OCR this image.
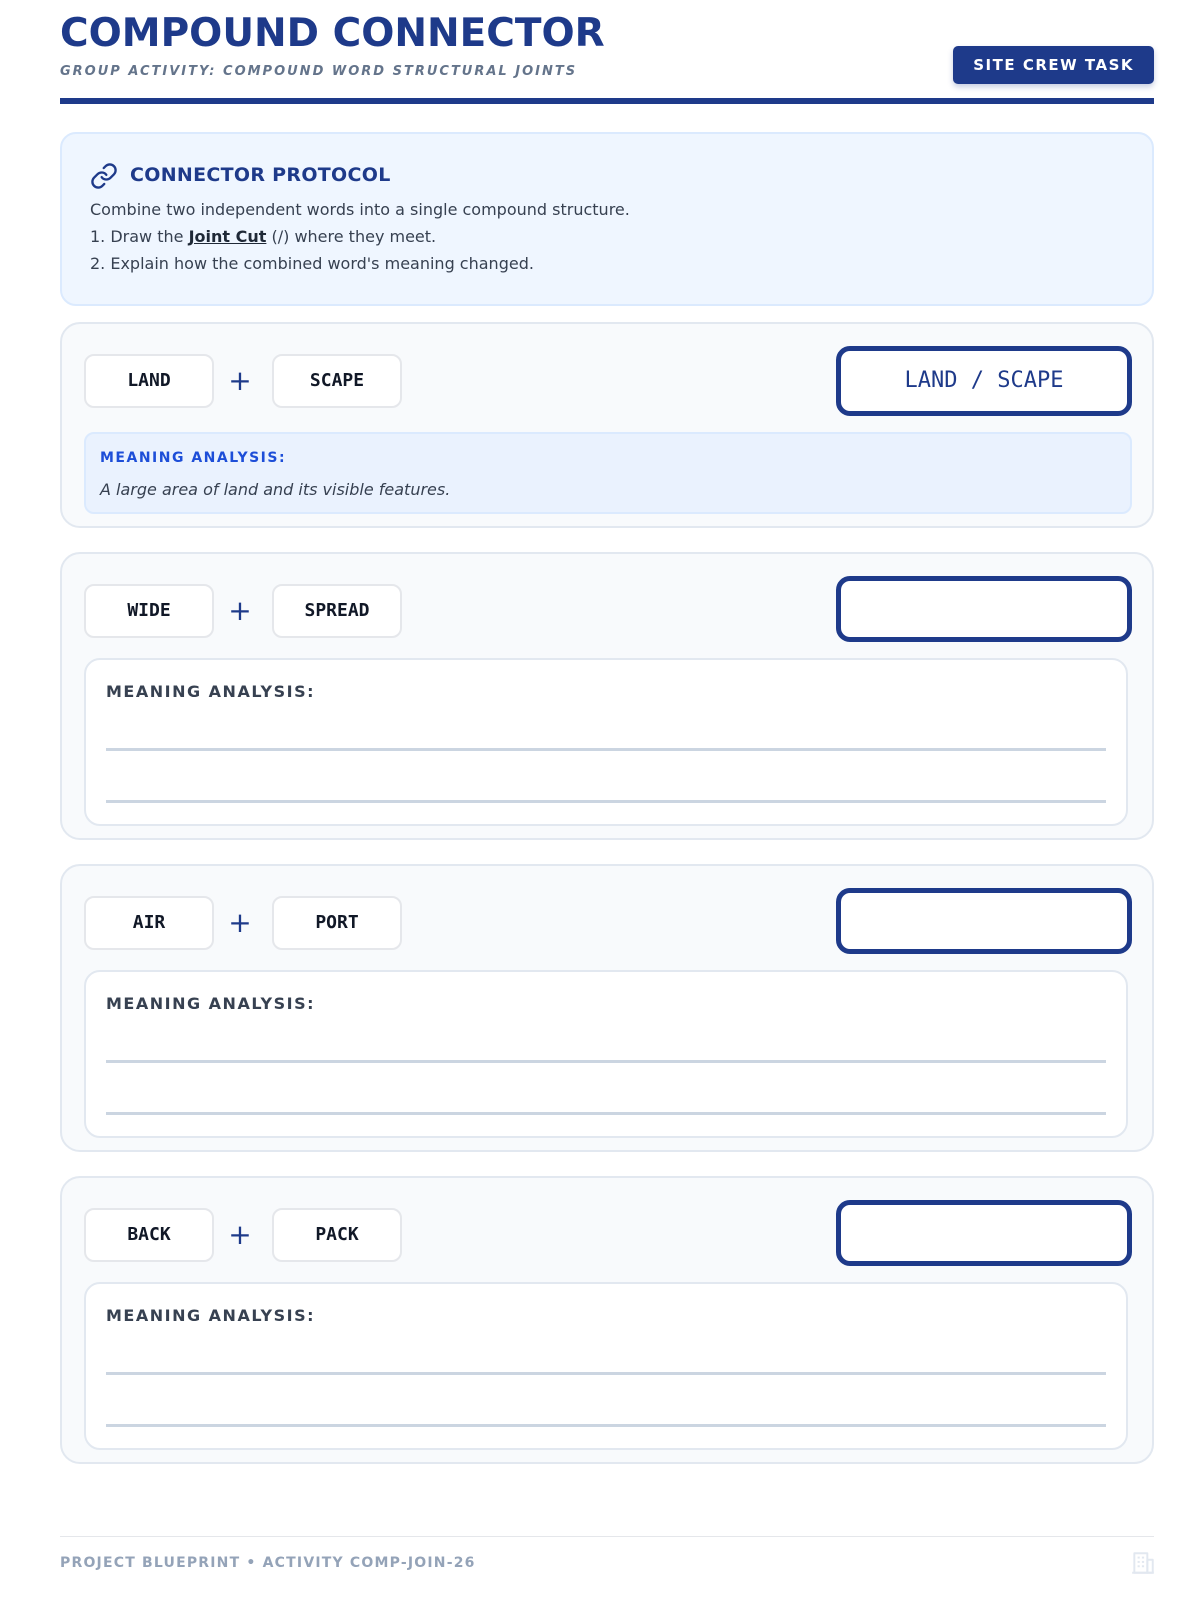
COMPOUND CONNECTOR
GROUP ACTIVITY: COMPOUND WORD STRUCTURAL JOINTS	SITE CREW TASK
CONNECTOR PROTOCOL
Combine two independent words into a single compound structure.
1. Draw the Joint Cut (/) where they meet.
2. Explain how the combined word's meaning changed.
LAND	+	SCAPE	LAND / SCAPE
MEANING ANALYSIS:
A large area of land and its visible features.
WIDE	+	SPREAD
MEANING ANALYSIS:
AIR	+	PORT
MEANING ANALYSIS:
BACK	+	PACK
MEANING ANALYSIS:
PROJECT BLUEPRINT • ACTIVITY COMP-JOIN-26
